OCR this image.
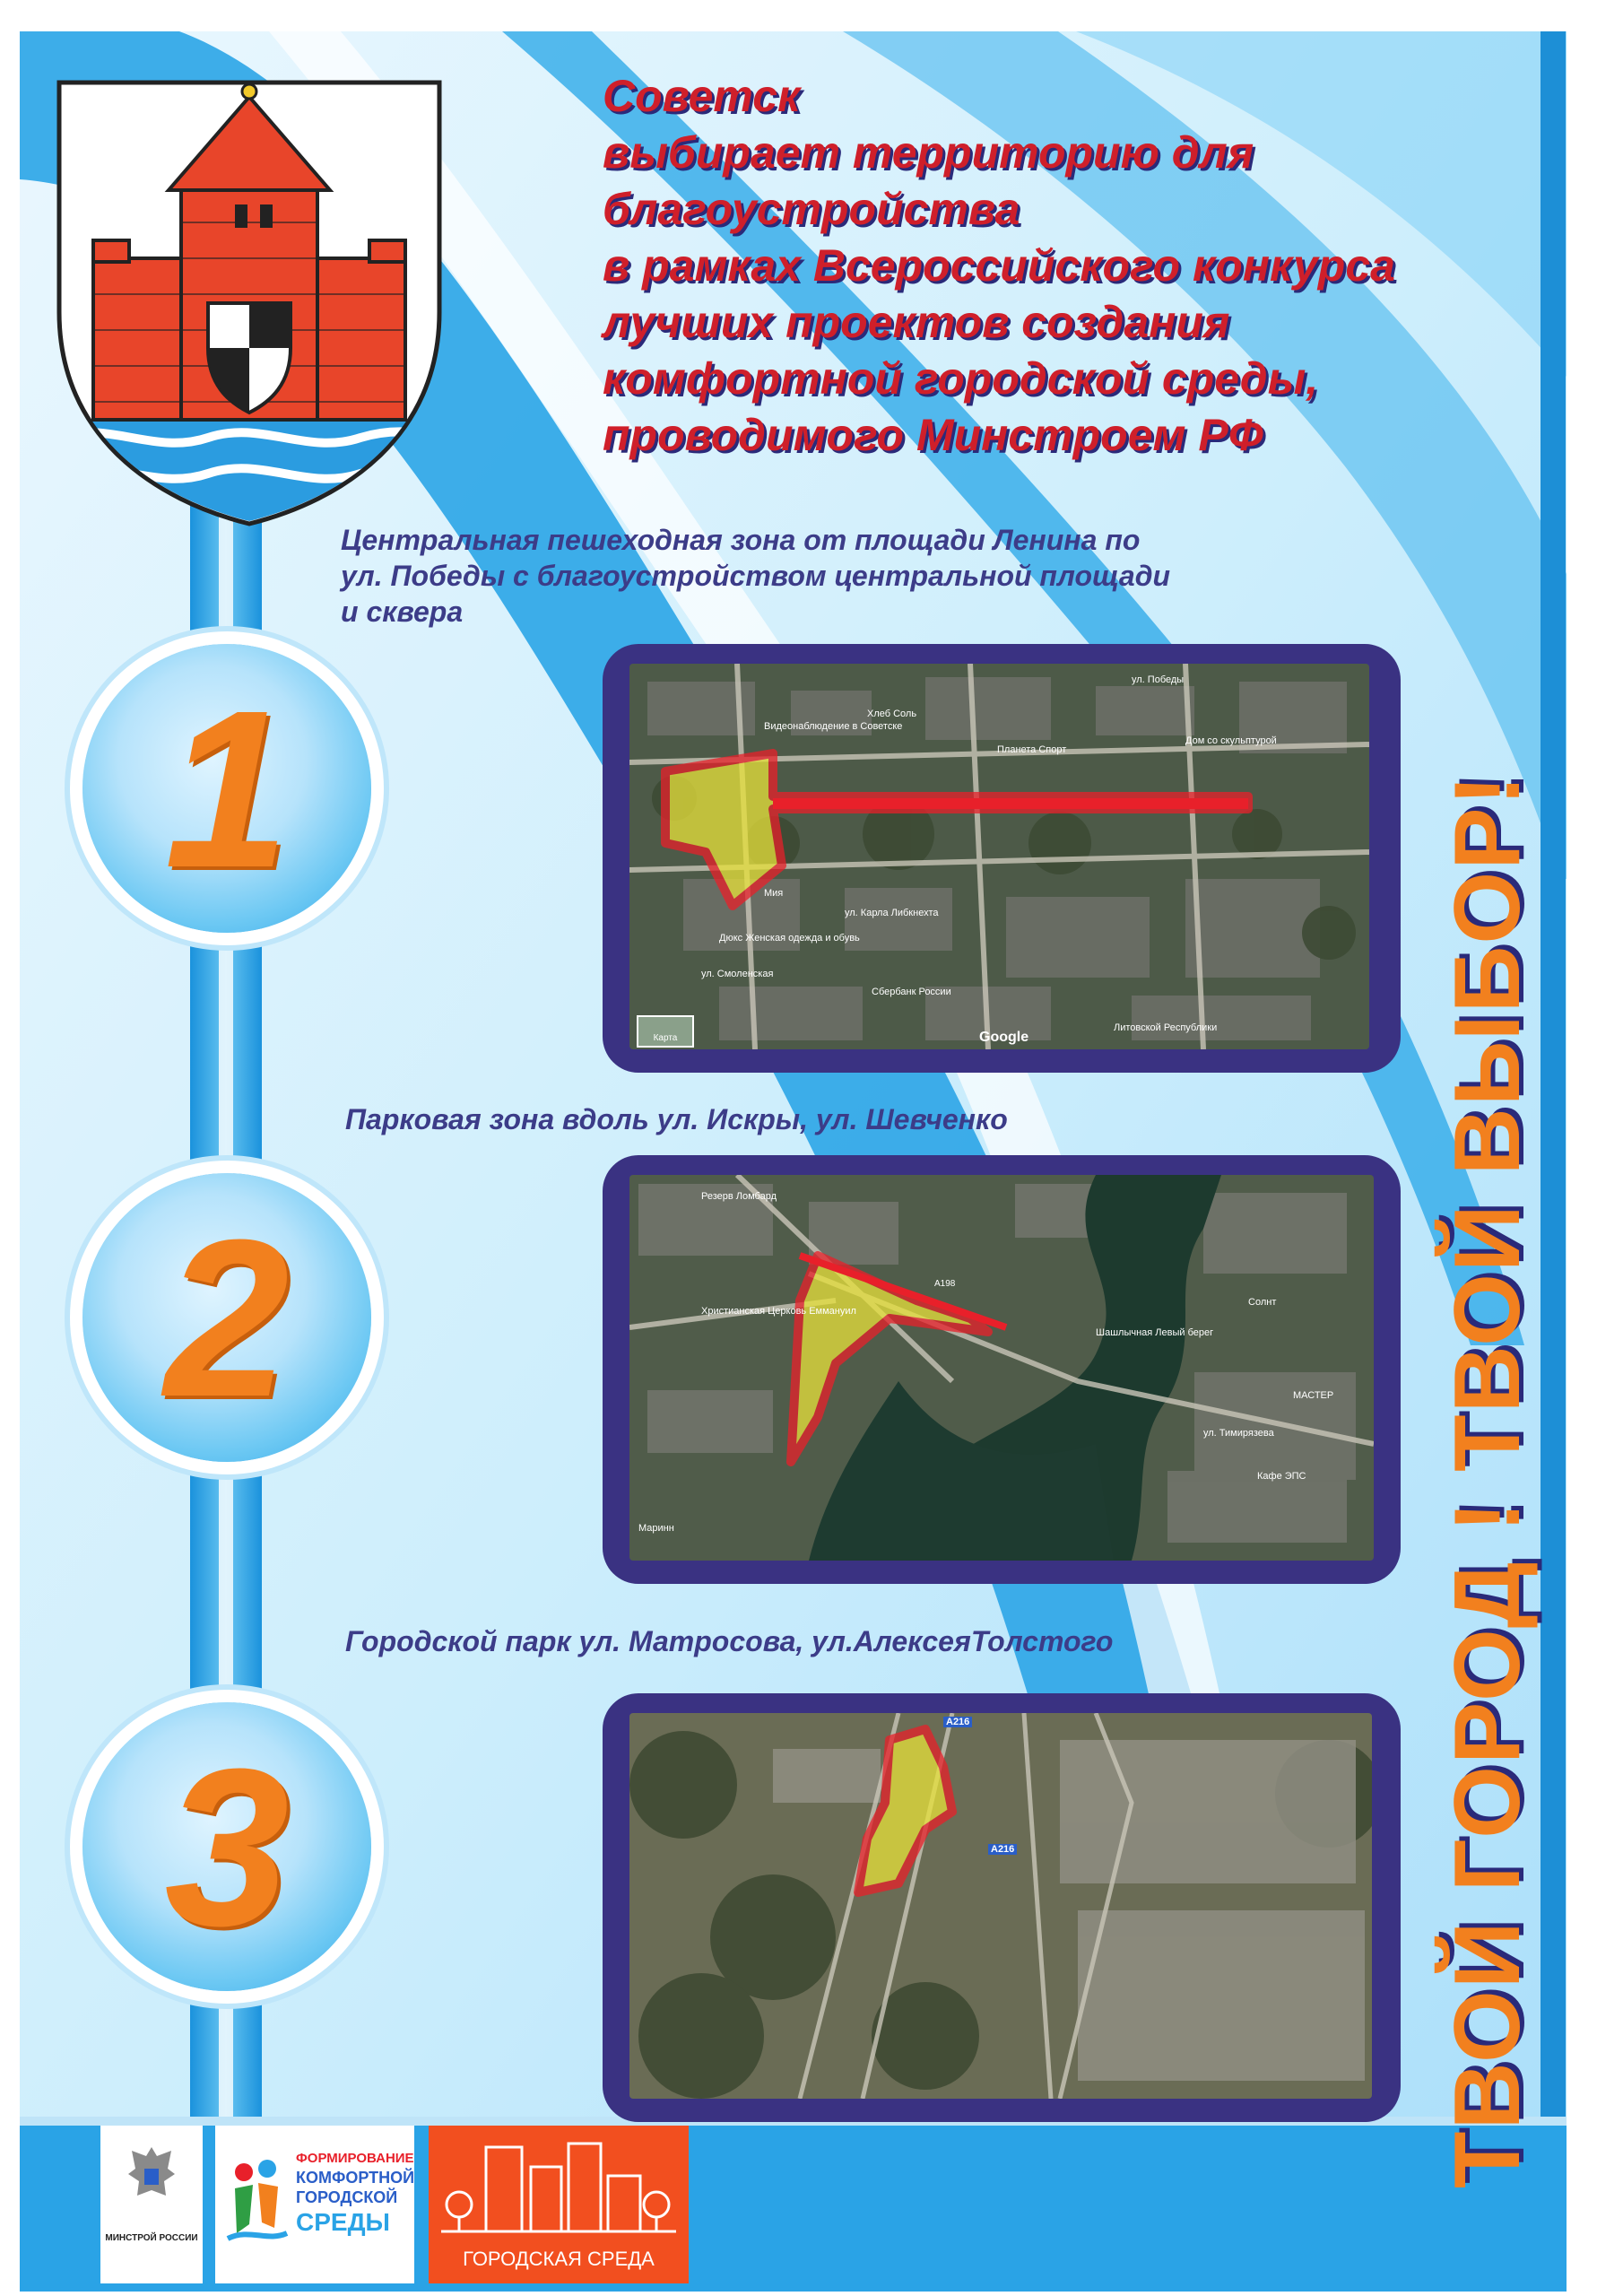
Советск
выбирает территорию для
благоустройства
в рамках Всероссийского конкурса
лучших проектов создания
комфортной городской среды,
проводимого Минстроем РФ
Центральная пешеходная зона от площади Ленина по
ул. Победы с благоустройством центральной площади
и сквера
Парковая зона вдоль ул. Искры, ул. Шевченко
Городской парк ул. Матросова, ул.АлексеяТолстого
1
2
3
Видеонаблюдение в Советске
Хлеб Соль
Планета Спорт
Дом со скульптурой
Мия
ул. Карла Либкнехта
Дюкс Женская одежда и обувь
Сбербанк России
Литовской Республики
ул. Победы
ул. Смоленская
Карта	Google
Резерв Ломбард
Христианская Церковь Еммануил
Шашлычная Левый берег
Солнт
МАСТЕР
ул. Тимирязева
Кафе ЭПС
A198
Маринн
A216
A216	ТВОЙ ГОРОД ! ТВОЙ ВЫБОР!
МИНСТРОЙ РОССИИ
ФОРМИРОВАНИЕ
КОМФОРТНОЙ
ГОРОДСКОЙ
СРЕДЫ
ГОРОДСКАЯ СРЕДА
